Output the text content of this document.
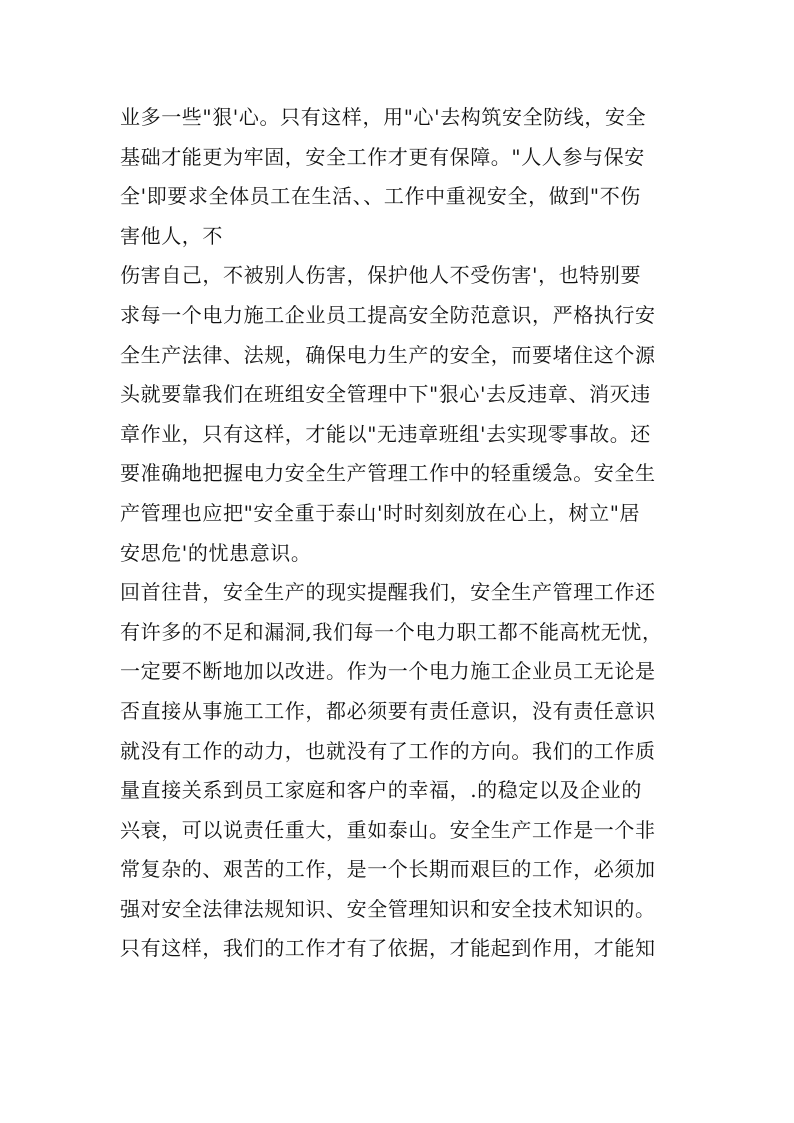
业多一些"狠'心。只有这样，用"心'去构筑安全防线，安全
基础才能更为牢固，安全工作才更有保障。"人人参与保安
全'即要求全体员工在生活、、工作中重视安全，做到"不伤
害他人，不
伤害自己，不被别人伤害，保护他人不受伤害'，也特别要
求每一个电力施工企业员工提高安全防范意识，严格执行安
全生产法律、法规，确保电力生产的安全，而要堵住这个源
头就要靠我们在班组安全管理中下"狠心'去反违章、消灭违
章作业，只有这样，才能以"无违章班组'去实现零事故。还
要准确地把握电力安全生产管理工作中的轻重缓急。安全生
产管理也应把"安全重于泰山'时时刻刻放在心上，树立"居
安思危'的忧患意识。
回首往昔，安全生产的现实提醒我们，安全生产管理工作还
有许多的不足和漏洞,我们每一个电力职工都不能高枕无忧，
一定要不断地加以改进。作为一个电力施工企业员工无论是
否直接从事施工工作，都必须要有责任意识，没有责任意识
就没有工作的动力，也就没有了工作的方向。我们的工作质
量直接关系到员工家庭和客户的幸福，.的稳定以及企业的
兴衰，可以说责任重大，重如泰山。安全生产工作是一个非
常复杂的、艰苦的工作，是一个长期而艰巨的工作，必须加
强对安全法律法规知识、安全管理知识和安全技术知识的。
只有这样，我们的工作才有了依据，才能起到作用，才能知
